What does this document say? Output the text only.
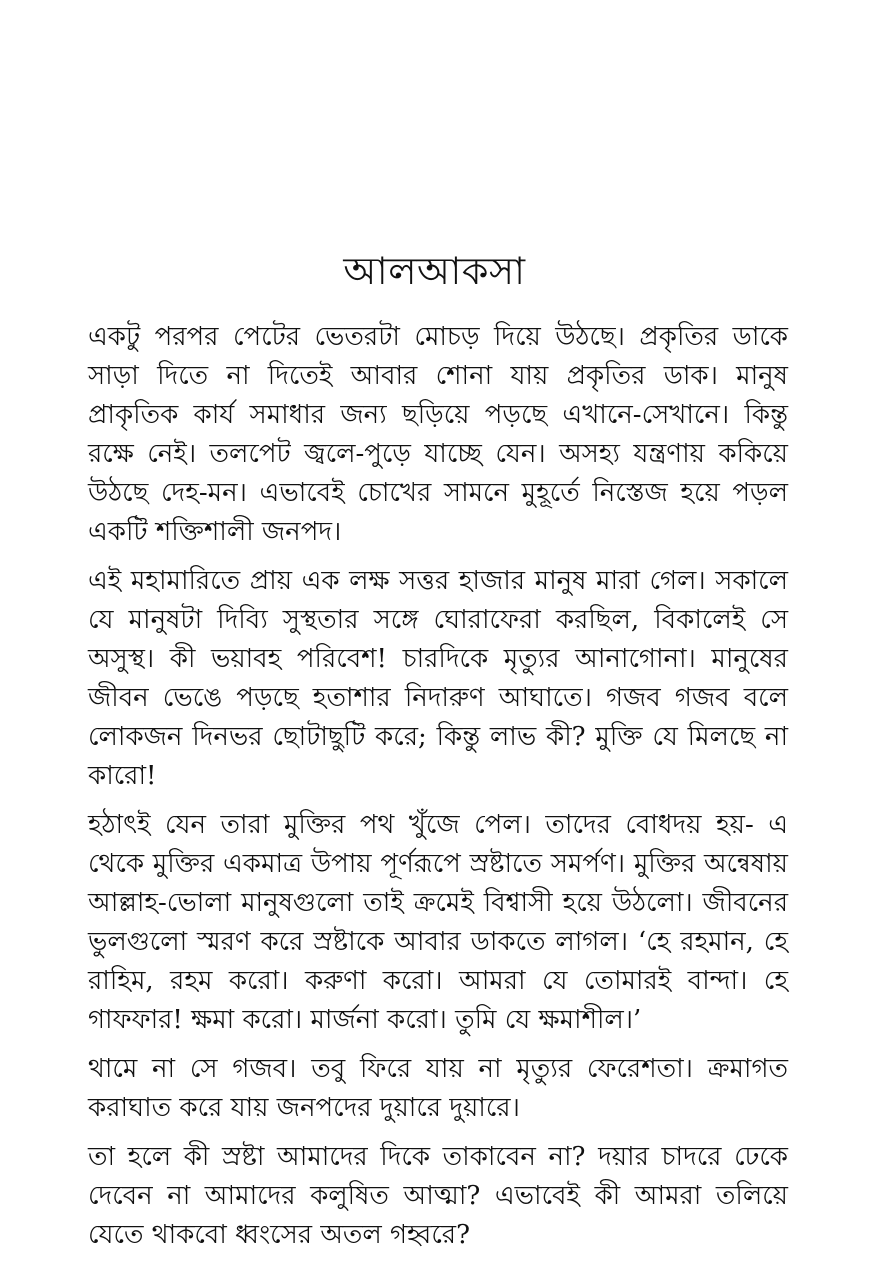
আলআকসা

একটু পরপর পেটের ভেতরটা মোচড় দিয়ে উঠছে। প্রকৃতির ডাকে সাড়া দিতে না দিতেই আবার শোনা যায় প্রকৃতির ডাক। মানুষ প্রাকৃতিক কার্য সমাধার জন্য ছড়িয়ে পড়ছে এখানে-সেখানে। কিন্তু রক্ষে নেই। তলপেট জ্বলে-পুড়ে যাচ্ছে যেন। অসহ্য যন্ত্রণায় ককিয়ে উঠছে দেহ-মন। এভাবেই চোখের সামনে মুহূর্তে নিস্তেজ হয়ে পড়ল একটি শক্তিশালী জনপদ।

এই মহামারিতে প্রায় এক লক্ষ সত্তর হাজার মানুষ মারা গেল। সকালে যে মানুষটা দিব্যি সুস্থতার সঙ্গে ঘোরাফেরা করছিল, বিকালেই সে অসুস্থ। কী ভয়াবহ পরিবেশ! চারদিকে মৃত্যুর আনাগোনা। মানুষের জীবন ভেঙে পড়ছে হতাশার নিদারুণ আঘাতে। গজব গজব বলে লোকজন দিনভর ছোটাছুটি করে; কিন্তু লাভ কী? মুক্তি যে মিলছে না কারো!

হঠাৎই যেন তারা মুক্তির পথ খুঁজে পেল। তাদের বোধদয় হয়- এ থেকে মুক্তির একমাত্র উপায় পূর্ণরূপে স্রষ্টাতে সমর্পণ। মুক্তির অন্বেষায় আল্লাহ-ভোলা মানুষগুলো তাই ক্রমেই বিশ্বাসী হয়ে উঠলো। জীবনের ভুলগুলো স্মরণ করে স্রষ্টাকে আবার ডাকতে লাগল। ‘হে রহমান, হে রাহিম, রহম করো। করুণা করো। আমরা যে তোমারই বান্দা। হে গাফফার! ক্ষমা করো। মার্জনা করো। তুমি যে ক্ষমাশীল।’

থামে না সে গজব। তবু ফিরে যায় না মৃত্যুর ফেরেশতা। ক্রমাগত করাঘাত করে যায় জনপদের দুয়ারে দুয়ারে।

তা হলে কী স্রষ্টা আমাদের দিকে তাকাবেন না? দয়ার চাদরে ঢেকে দেবেন না আমাদের কলুষিত আত্মা? এভাবেই কী আমরা তলিয়ে যেতে থাকবো ধ্বংসের অতল গহ্বরে?
